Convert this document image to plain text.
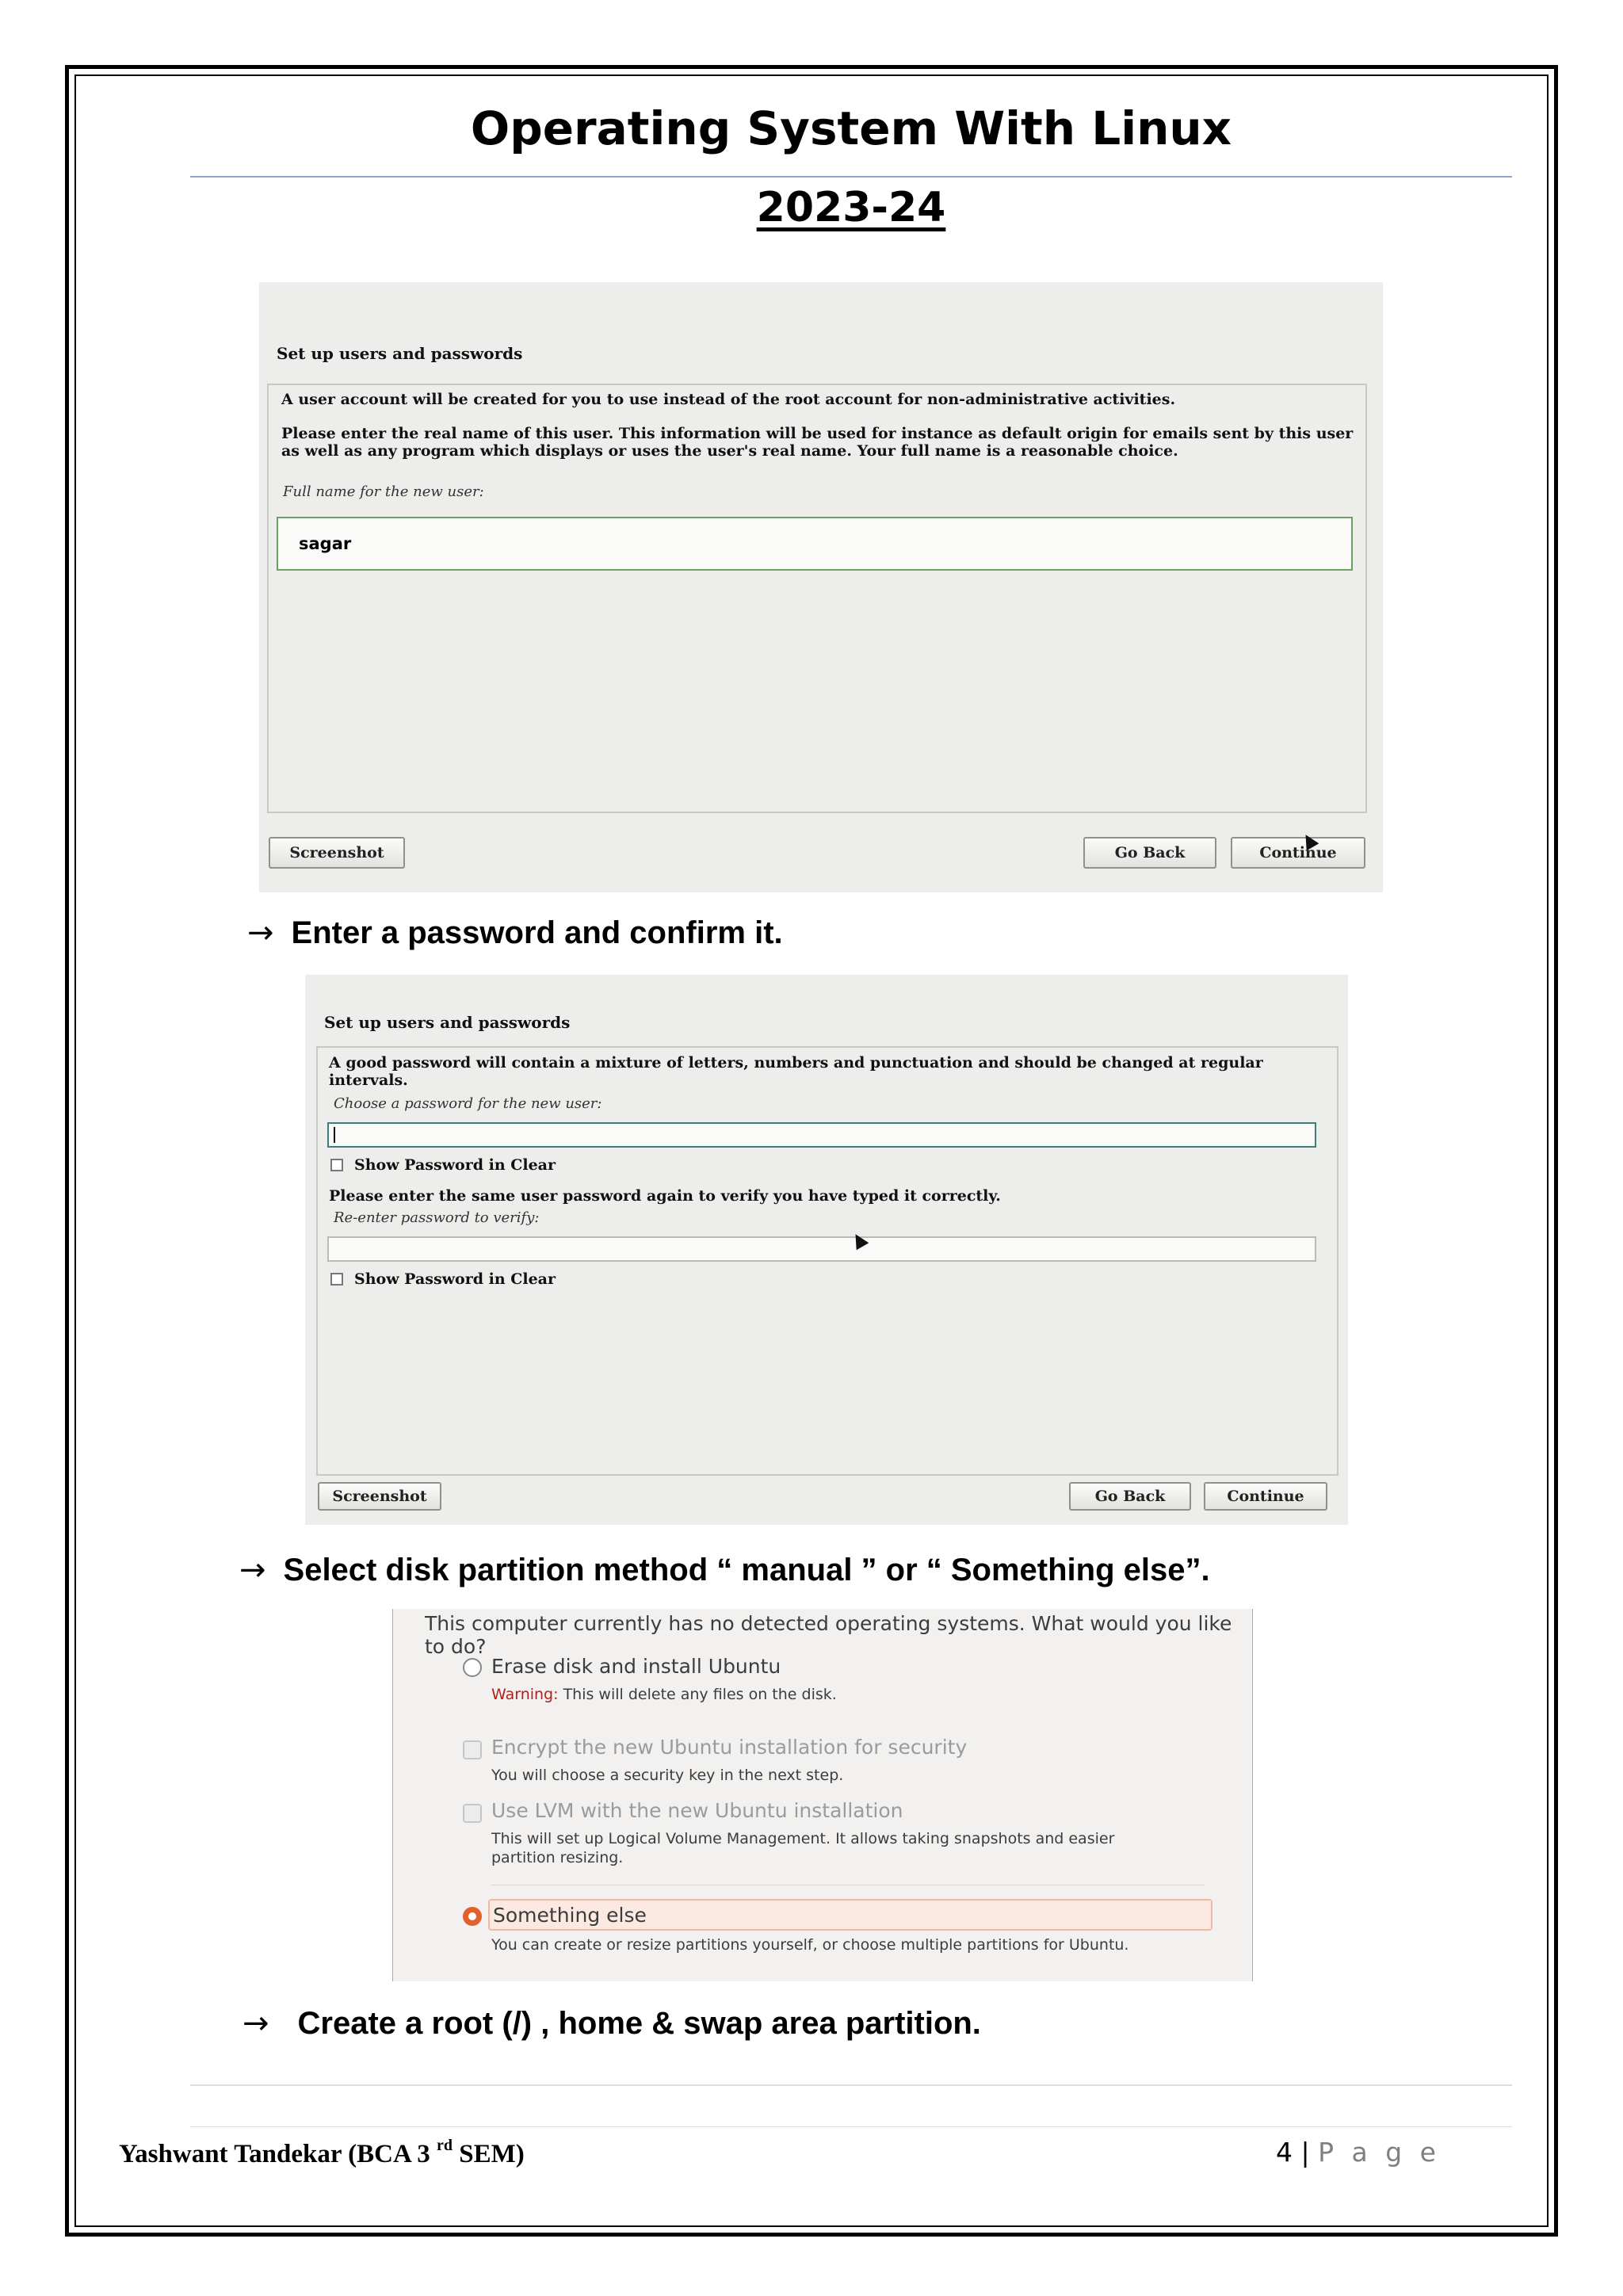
Operating System With Linux
2023-24
Set up users and passwords
A user account will be created for you to use instead of the root account for non-administrative activities.
Please enter the real name of this user. This information will be used for instance as default origin for emails sent by this user as well as any program which displays or uses the user's real name. Your full name is a reasonable choice.
Full name for the new user:
sagar
Screenshot	Go Back	Continue
→ Enter a password and confirm it.
Set up users and passwords
A good password will contain a mixture of letters, numbers and punctuation and should be changed at regular intervals.
Choose a password for the new user:
Show Password in Clear
Please enter the same user password again to verify you have typed it correctly.
Re-enter password to verify:
Show Password in Clear
Screenshot	Go Back	Continue
→ Select disk partition method “ manual ” or “ Something else”.
This computer currently has no detected operating systems. What would you like to do?
Erase disk and install Ubuntu
Warning: This will delete any files on the disk.
Encrypt the new Ubuntu installation for security
You will choose a security key in the next step.
Use LVM with the new Ubuntu installation
This will set up Logical Volume Management. It allows taking snapshots and easier partition resizing.
Something else
You can create or resize partitions yourself, or choose multiple partitions for Ubuntu.
→ Create a root (/) , home & swap area partition.
Yashwant Tandekar (BCA 3 $^{rd}$ SEM)	4 | P a g e
